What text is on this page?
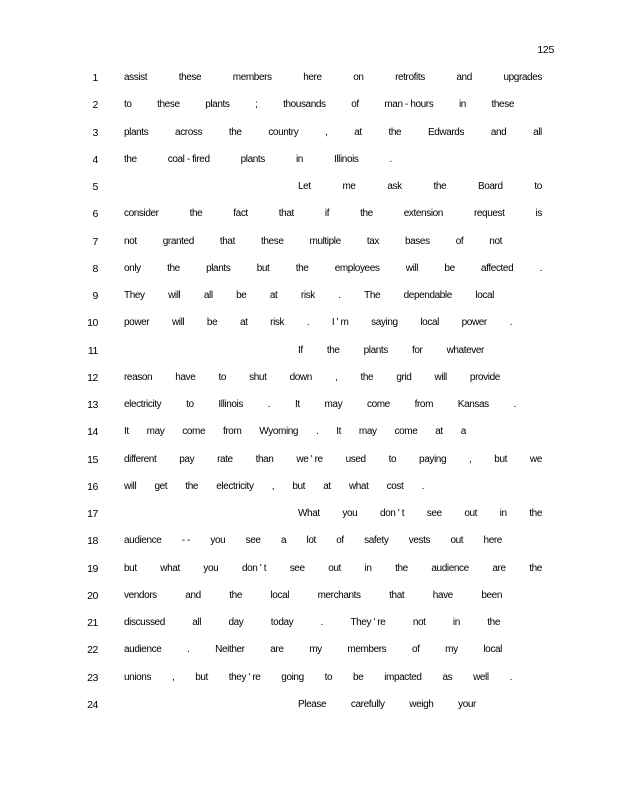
125
1	assist	these	members	here	on	retrofits	and	upgrades
2	to	these	plants	;	thousands	of	man - hours	in	these
3	plants	across	the	country	,	at	the	Edwards	and	all
4	the	coal - fired	plants	in	Illinois	.
5	Let	me	ask	the	Board	to
6	consider	the	fact	that	if	the	extension	request	is
7	not	granted	that	these	multiple	tax	bases	of	not
8	only	the	plants	but	the	employees	will	be	affected	.
9	They will all be at risk . The dependable local
10	power will be at risk . I ' m saying local power .
11	If the plants for whatever
12	reason have to shut down , the grid will provide
13	electricity to Illinois . It may come from Kansas .
14	It may come from Wyoming . It may come at a
15	different pay rate than we ' re used to paying , but we
16	will get the electricity , but at what cost .
17	What you don ' t see out in the
18	audience - - you see a lot of safety vests out here
19	but what you don ' t see out in the audience are the
20	vendors	and	the	local	merchants	that	have	been
21	discussed	all	day	today	.	They ' re	not	in	the
22	audience	.	Neither	are	my	members	of	my	local
23	unions , but they ' re going to be impacted as well .
24	Please carefully weigh your
